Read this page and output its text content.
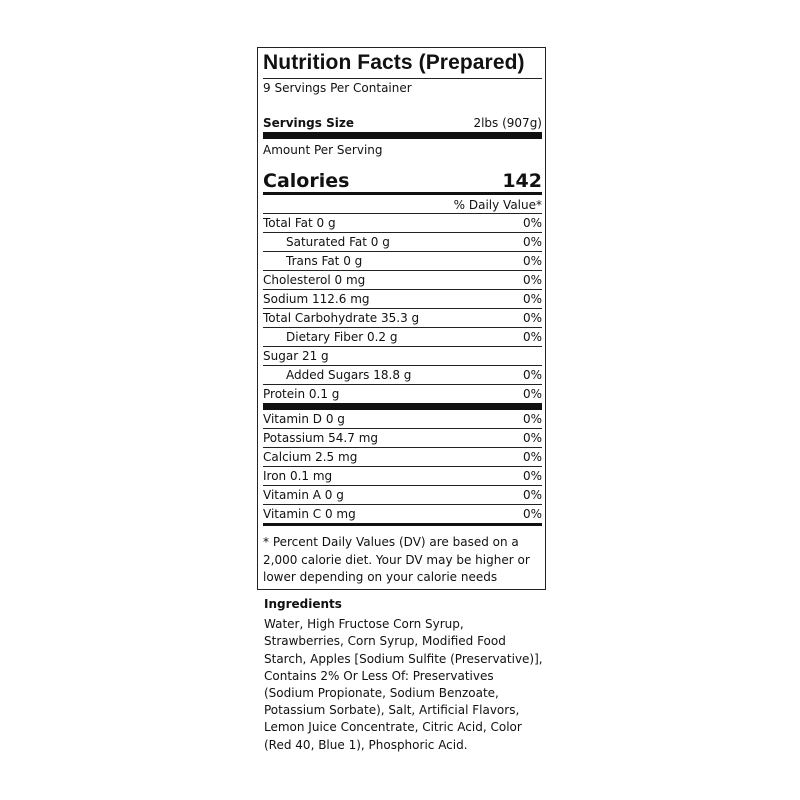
Nutrition Facts (Prepared)
9 Servings Per Container
Servings Size	2lbs (907g)
Amount Per Serving
Calories	142
% Daily Value*
Total Fat 0 g	0%
Saturated Fat 0 g	0%
Trans Fat 0 g	0%
Cholesterol 0 mg	0%
Sodium 112.6 mg	0%
Total Carbohydrate 35.3 g	0%
Dietary Fiber 0.2 g	0%
Sugar 21 g
Added Sugars 18.8 g	0%
Protein 0.1 g	0%
Vitamin D 0 g	0%
Potassium 54.7 mg	0%
Calcium 2.5 mg	0%
Iron 0.1 mg	0%
Vitamin A 0 g	0%
Vitamin C 0 mg	0%
* Percent Daily Values (DV) are based on a 2,000 calorie diet. Your DV may be higher or lower depending on your calorie needs
Ingredients
Water, High Fructose Corn Syrup, Strawberries, Corn Syrup, Modified Food Starch, Apples [Sodium Sulfite (Preservative)], Contains 2% Or Less Of: Preservatives (Sodium Propionate, Sodium Benzoate, Potassium Sorbate), Salt, Artificial Flavors, Lemon Juice Concentrate, Citric Acid, Color (Red 40, Blue 1), Phosphoric Acid.
